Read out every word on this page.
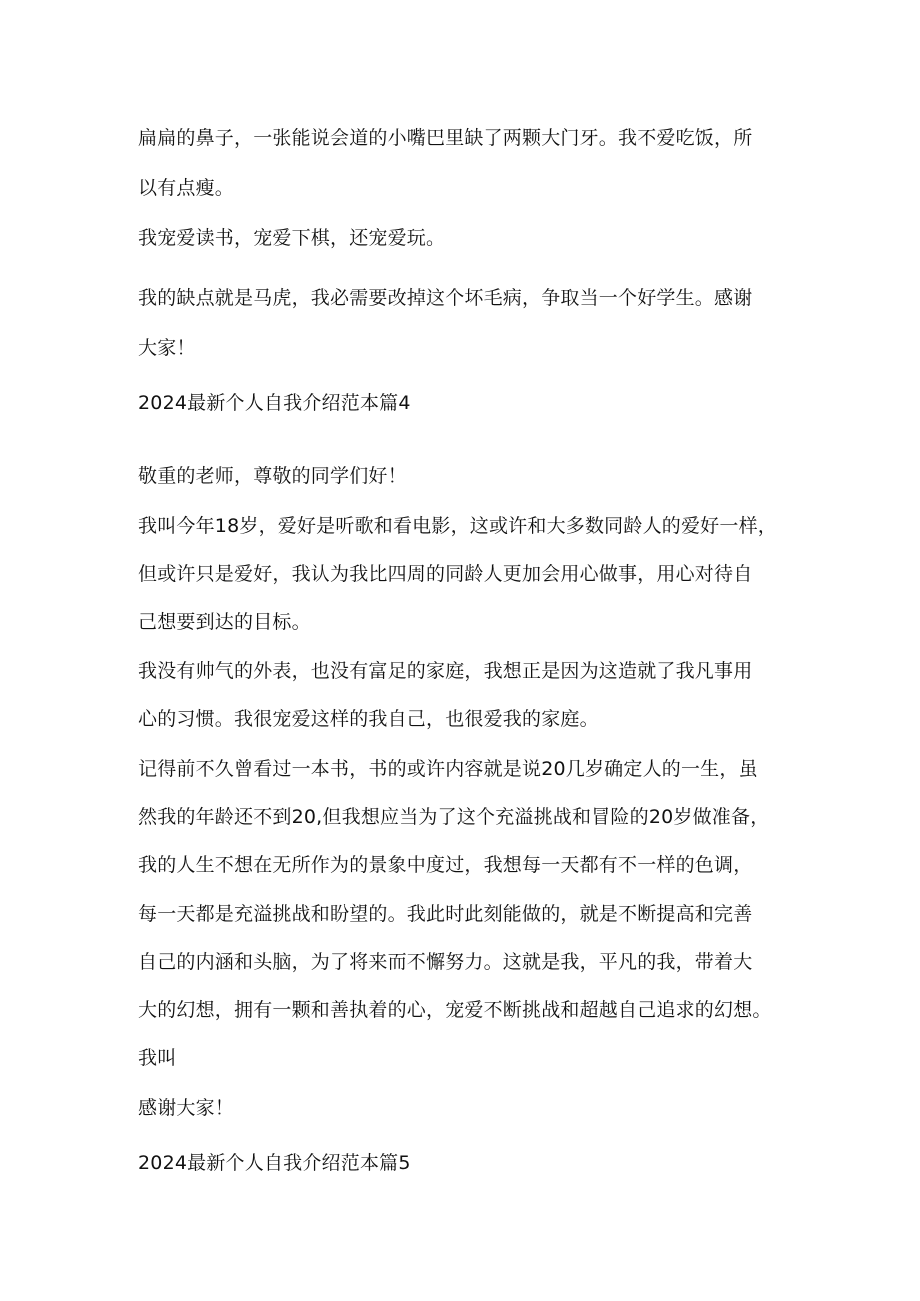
扁扁的鼻子，一张能说会道的小嘴巴里缺了两颗大门牙。我不爱吃饭，所
以有点瘦。
我宠爱读书，宠爱下棋，还宠爱玩。
我的缺点就是马虎，我必需要改掉这个坏毛病，争取当一个好学生。感谢
大家！
2024最新个人自我介绍范本篇4
敬重的老师，尊敬的同学们好！
我叫今年18岁，爱好是听歌和看电影，这或许和大多数同龄人的爱好一样，
但或许只是爱好，我认为我比四周的同龄人更加会用心做事，用心对待自
己想要到达的目标。
我没有帅气的外表，也没有富足的家庭，我想正是因为这造就了我凡事用
心的习惯。我很宠爱这样的我自己，也很爱我的家庭。
记得前不久曾看过一本书，书的或许内容就是说20几岁确定人的一生，虽
然我的年龄还不到20,但我想应当为了这个充溢挑战和冒险的20岁做准备，
我的人生不想在无所作为的景象中度过，我想每一天都有不一样的色调，
每一天都是充溢挑战和盼望的。我此时此刻能做的，就是不断提高和完善
自己的内涵和头脑，为了将来而不懈努力。这就是我，平凡的我，带着大
大的幻想，拥有一颗和善执着的心，宠爱不断挑战和超越自己追求的幻想。
我叫
感谢大家！
2024最新个人自我介绍范本篇5
